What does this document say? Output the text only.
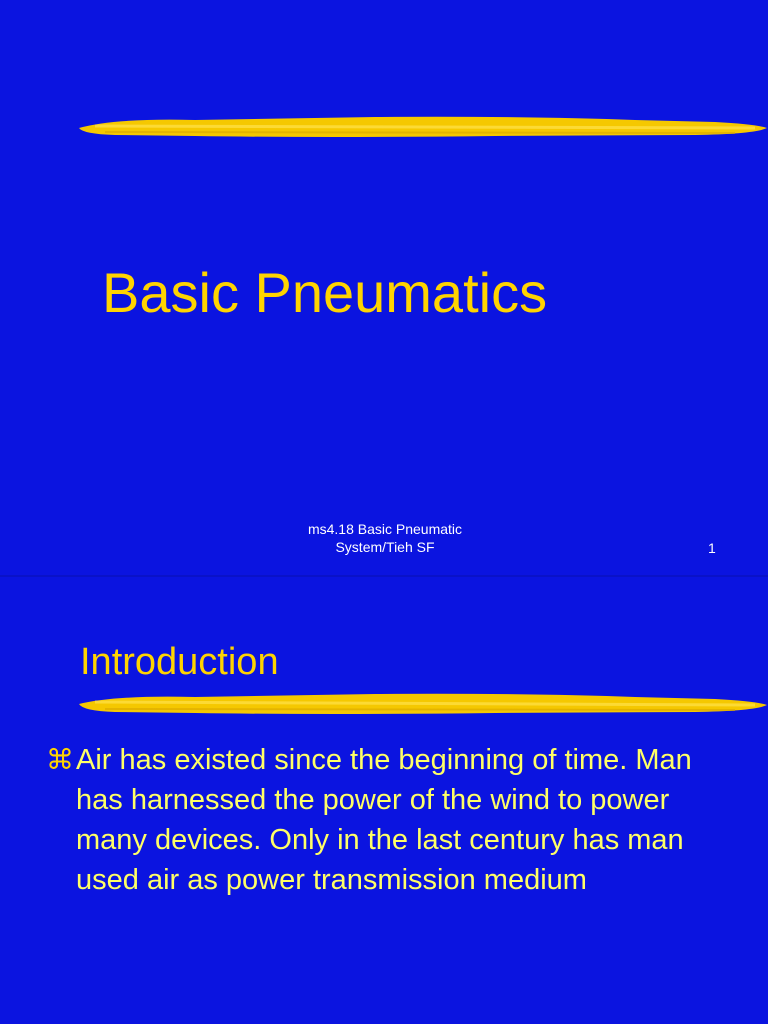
Basic Pneumatics
ms4.18 Basic Pneumatic
System/Tieh SF	1
Introduction
⌘ Air has existed since the beginning of time. Man has harnessed the power of the wind to power many devices. Only in the last century has man used air as power transmission medium
